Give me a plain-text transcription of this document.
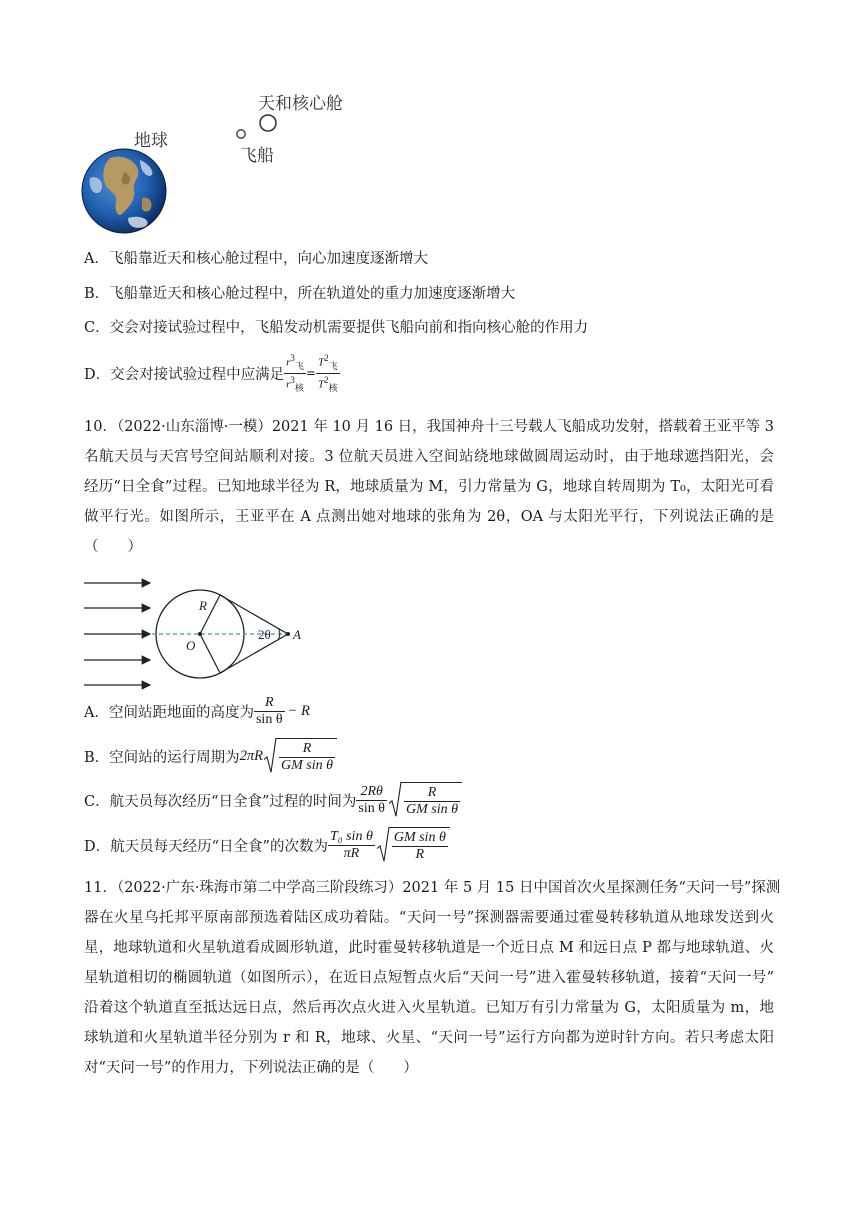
天和核心舱
飞船
地球
A．飞船靠近天和核心舱过程中，向心加速度逐渐增大
B．飞船靠近天和核心舱过程中，所在轨道处的重力加速度逐渐增大
C．交会对接试验过程中，飞船发动机需要提供飞船向前和指向核心舱的作用力
D．交会对接试验过程中应满足 $\frac{r^3_飞}{r^3_核} = \frac{T^2_飞}{T^2_核}$
10．（2022·山东淄博·一模）2021 年 10 月 16 日，我国神舟十三号载人飞船成功发射，搭载着王亚平等 3
名航天员与天宫号空间站顺利对接。3 位航天员进入空间站绕地球做圆周运动时，由于地球遮挡阳光，会
经历“日全食”过程。已知地球半径为 R，地球质量为 M，引力常量为 G，地球自转周期为 T₀，太阳光可看
做平行光。如图所示，王亚平在 A 点测出她对地球的张角为 2θ，OA 与太阳光平行，下列说法正确的是
（　　）
R
O
2θ A
A．空间站距地面的高度为 $\frac{R}{\text{sin θ}} - R$
B．空间站的运行周期为 $2\pi R \frac{R}{\text{GM sin θ}}$
C．航天员每次经历“日全食”过程的时间为 $\frac{2R\theta}{\text{sin θ}} \frac{R}{\text{GM sin θ}}$
D．航天员每天经历“日全食”的次数为 $\frac{\text{T₀ sin θ}}{\pi R} \frac{\text{GM sin θ}}{R}$
11．（2022·广东·珠海市第二中学高三阶段练习）2021 年 5 月 15 日中国首次火星探测任务“天问一号”探测
器在火星乌托邦平原南部预选着陆区成功着陆。“天问一号”探测器需要通过霍曼转移轨道从地球发送到火
星，地球轨道和火星轨道看成圆形轨道，此时霍曼转移轨道是一个近日点 M 和远日点 P 都与地球轨道、火
星轨道相切的椭圆轨道（如图所示），在近日点短暂点火后“天问一号”进入霍曼转移轨道，接着“天问一号”
沿着这个轨道直至抵达远日点，然后再次点火进入火星轨道。已知万有引力常量为 G，太阳质量为 m，地
球轨道和火星轨道半径分别为 r 和 R，地球、火星、“天问一号”运行方向都为逆时针方向。若只考虑太阳
对“天问一号”的作用力，下列说法正确的是（　　）
